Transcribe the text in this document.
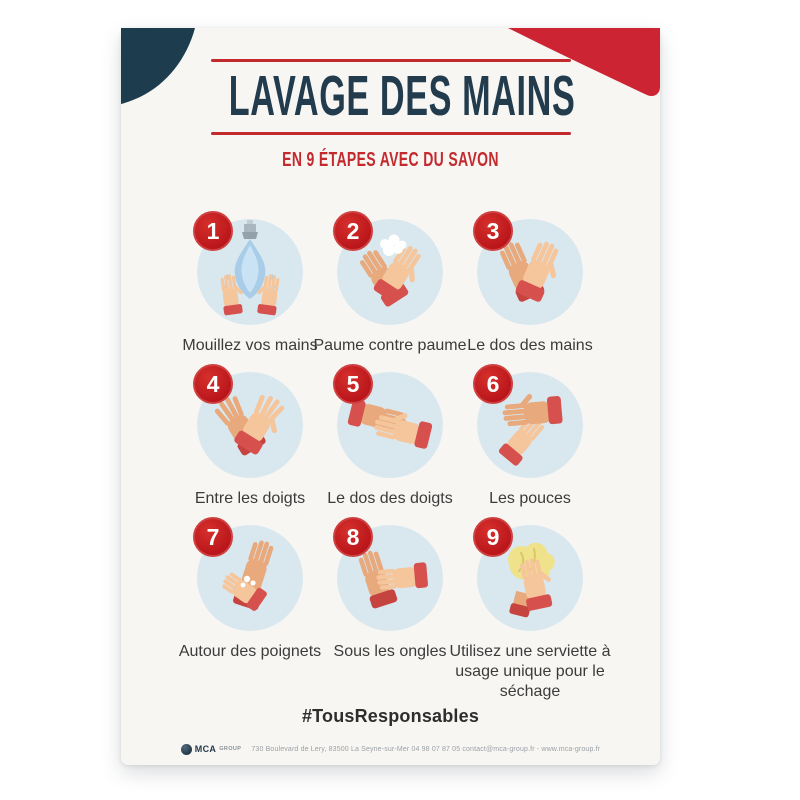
LAVAGE DES MAINS
EN 9 ÉTAPES AVEC DU SAVON
1
Mouillez vos mains
2
Paume contre paume
3
Le dos des mains
4
Entre les doigts
5
Le dos des doigts
6
Les pouces
7
Autour des poignets
8
Sous les ongles
9
Utilisez une serviette à usage unique pour le séchage
#TousResponsables
MCA GROUP 730 Boulevard de Lery, 83500 La Seyne-sur-Mer 04 98 07 87 05 contact@mca-group.fr - www.mca-group.fr
